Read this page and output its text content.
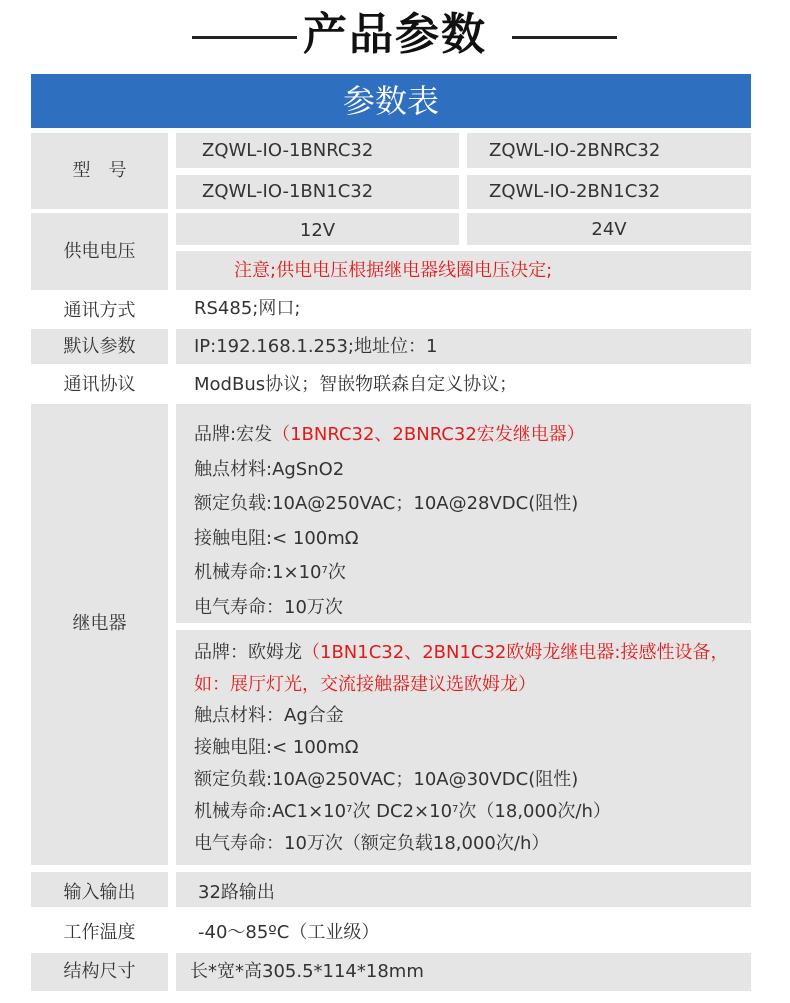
产品参数
参数表
型　号
ZQWL-IO-1BNRC32	ZQWL-IO-2BNRC32
ZQWL-IO-1BN1C32	ZQWL-IO-2BN1C32
供电电压
12V	24V
注意;供电电压根据继电器线圈电压决定;
通讯方式	RS485;网口;
默认参数	IP:192.168.1.253;地址位：1
通讯协议	ModBus协议；智嵌物联森自定义协议；
继电器
品牌:宏发（1BNRC32、2BNRC32宏发继电器）
触点材料:AgSnO2
额定负载:10A@250VAC；10A@28VDC(阻性)
接触电阻:< 100mΩ
机械寿命$:1\times 10^7$次
电气寿命：10万次
品牌：欧姆龙（1BN1C32、2BN1C32欧姆龙继电器:接感性设备，
如：展厅灯光，交流接触器建议选欧姆龙）
触点材料：Ag合金
接触电阻:< 100mΩ
额定负载:10A@250VAC；10A@30VDC(阻性)
机械寿命$:AC1\times 10^7$次 $DC2\times 10^7$次（18,000次/h）
电气寿命：10万次（额定负载18,000次/h）
输入输出	32路输出
工作温度	-40～85ºC（工业级）
结构尺寸	长*宽*高305.5*114*18mm
